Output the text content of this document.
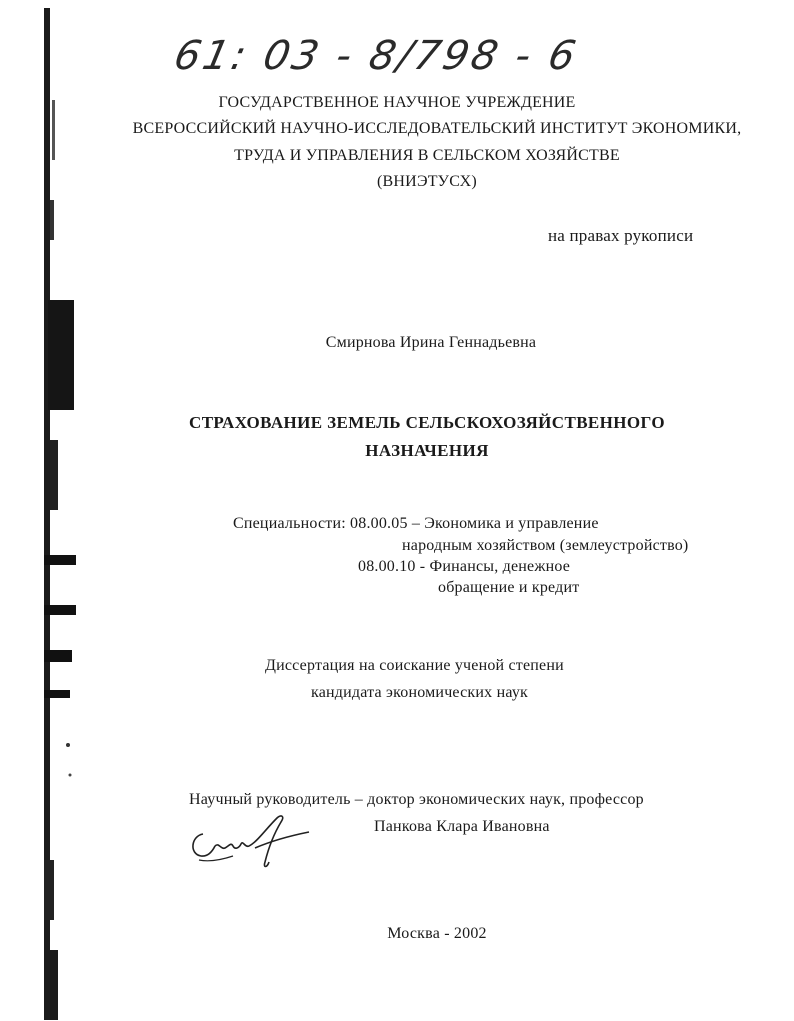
61: 03 - 8/798 - 6
ГОСУДАРСТВЕННОЕ НАУЧНОЕ УЧРЕЖДЕНИЕ
ВСЕРОССИЙСКИЙ НАУЧНО-ИССЛЕДОВАТЕЛЬСКИЙ ИНСТИТУТ ЭКОНОМИКИ,
ТРУДА И УПРАВЛЕНИЯ В СЕЛЬСКОМ ХОЗЯЙСТВЕ
(ВНИЭТУСХ)
на правах рукописи
Смирнова Ирина Геннадьевна
СТРАХОВАНИЕ ЗЕМЕЛЬ СЕЛЬСКОХОЗЯЙСТВЕННОГО
НАЗНАЧЕНИЯ
Специальности: 08.00.05 – Экономика и управление
народным хозяйством (землеустройство)
08.00.10 - Финансы, денежное
обращение и кредит
Диссертация на соискание ученой степени
кандидата экономических наук
Научный руководитель – доктор экономических наук, профессор
Панкова Клара Ивановна
Москва - 2002
